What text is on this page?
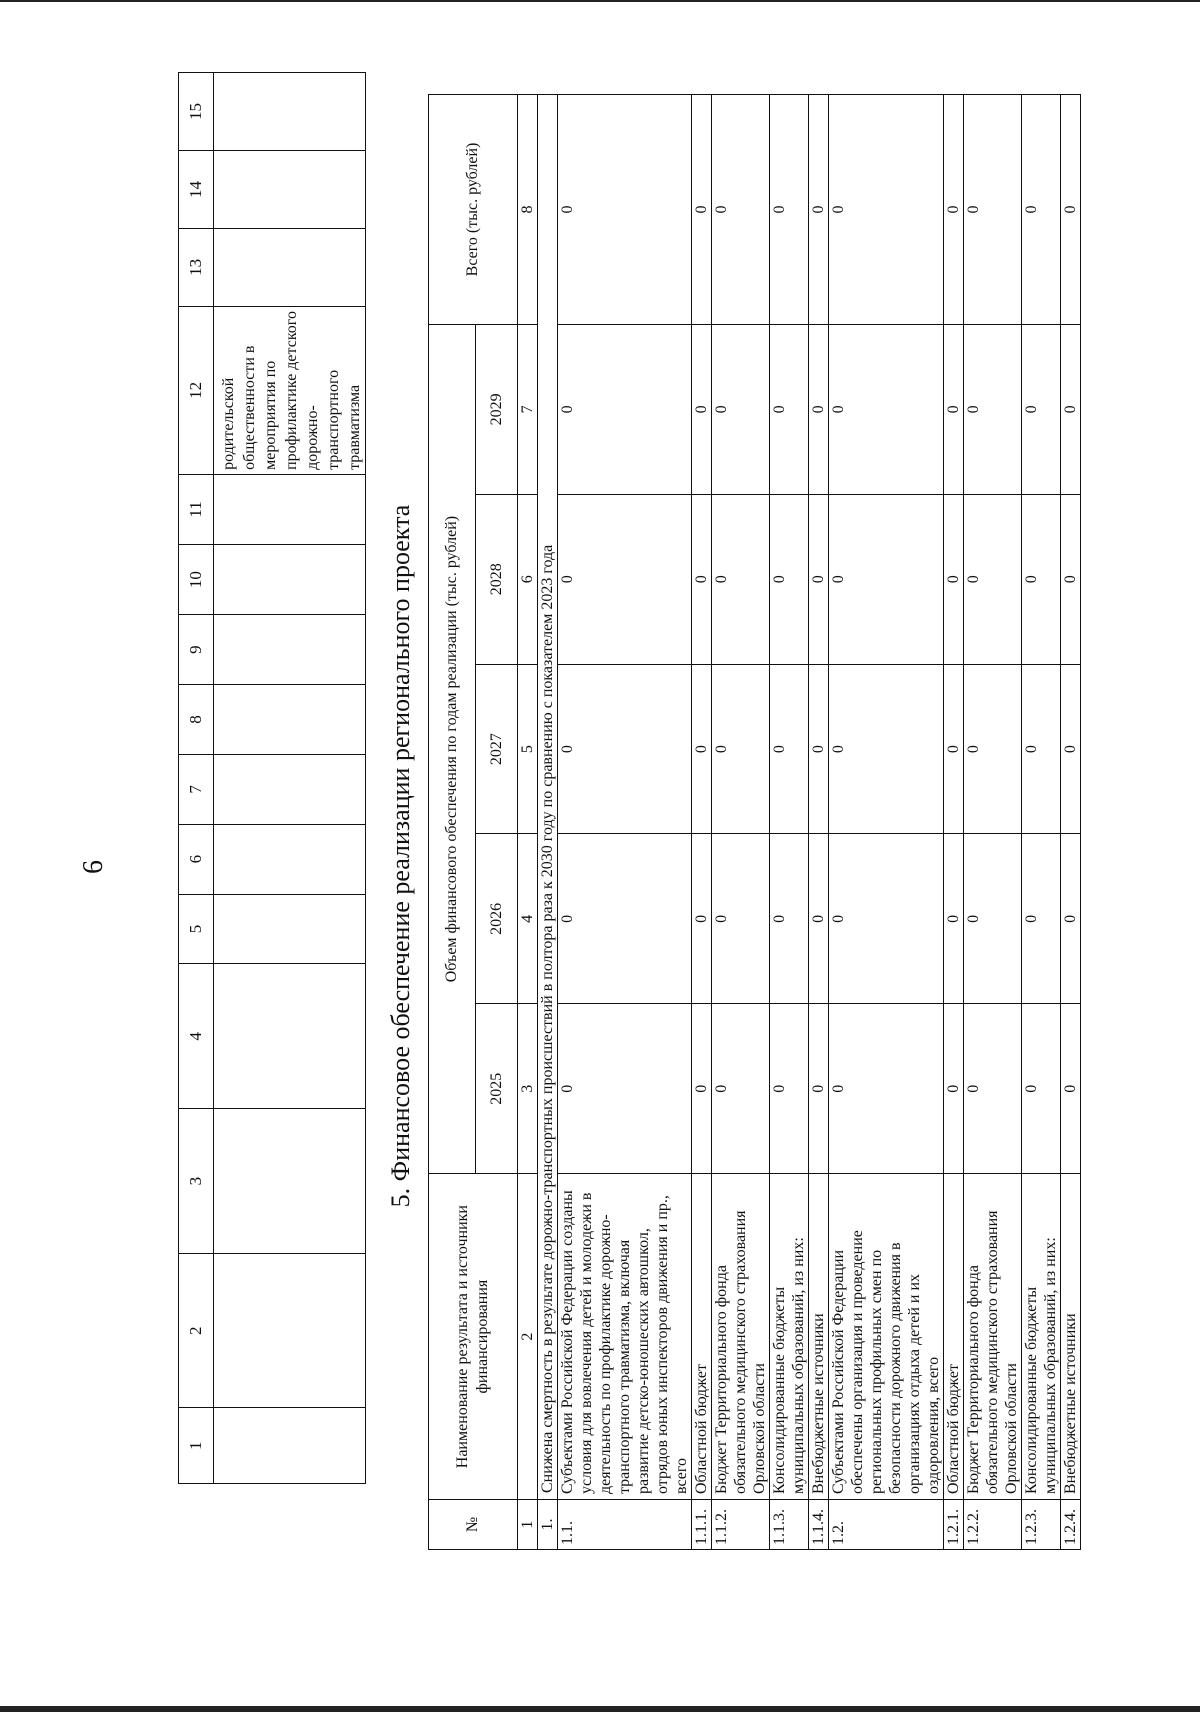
6
1	2	3	4	5	6	7	8	9	10	11	12	13	14	15
											родительской общественности в мероприятия по профилактике детского дорожно-транспортного травматизма			
5. Финансовое обеспечение реализации регионального проекта
№	Наименование результата и источники финансирования	Объем финансового обеспечения по годам реализации (тыс. рублей)					Всего (тыс. рублей)
		2025	2026	2027	2028	2029	
1	2	3	4	5	6	7	8
1.	Снижена смертность в результате дорожно-транспортных происшествий в полтора раза к 2030 году по сравнению с показателем 2023 года						
1.1.	Субъектами Российской Федерации созданы условия для вовлечения детей и молодежи в деятельность по профилактике дорожно-транспортного травматизма, включая развитие детско-юношеских автошкол, отрядов юных инспекторов движения и пр., всего	0	0	0	0	0	0
1.1.1.	Областной бюджет	0	0	0	0	0	0
1.1.2.	Бюджет Территориального фонда обязательного медицинского страхования Орловской области	0	0	0	0	0	0
1.1.3.	Консолидированные бюджеты муниципальных образований, из них:	0	0	0	0	0	0
1.1.4.	Внебюджетные источники	0	0	0	0	0	0
1.2.	Субъектами Российской Федерации обеспечены организация и проведение региональных профильных смен по безопасности дорожного движения в организациях отдыха детей и их оздоровления, всего	0	0	0	0	0	0
1.2.1.	Областной бюджет	0	0	0	0	0	0
1.2.2.	Бюджет Территориального фонда обязательного медицинского страхования Орловской области	0	0	0	0	0	0
1.2.3.	Консолидированные бюджеты муниципальных образований, из них:	0	0	0	0	0	0
1.2.4.	Внебюджетные источники	0	0	0	0	0	0
